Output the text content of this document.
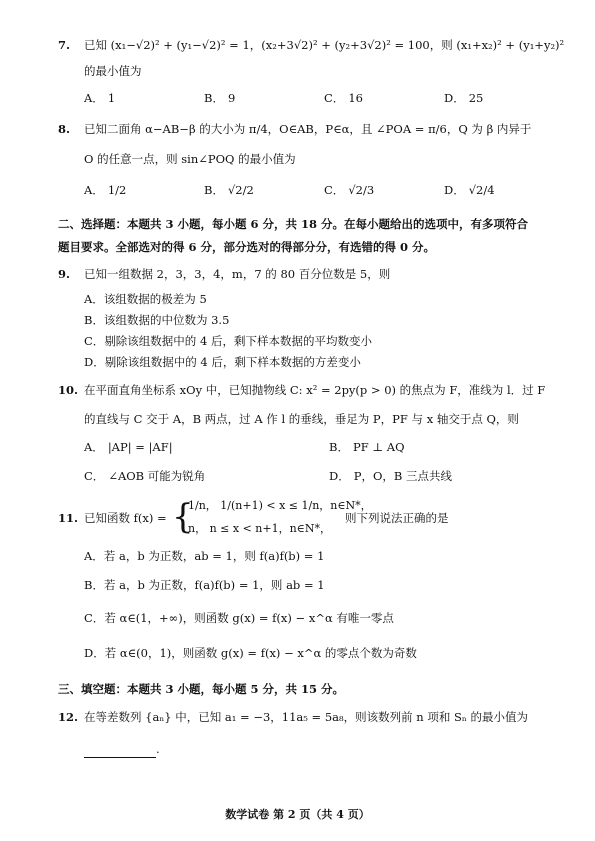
7. 已知 (x₁−√2)² + (y₁−√2)² = 1，(x₂+3√2)² + (y₂+3√2)² = 100，则 (x₁+x₂)² + (y₁+y₂)²
的最小值为
A． 1	B． 9	C． 16	D． 25
8. 已知二面角 α−AB−β 的大小为 π/4，O∈AB，P∈α，且 ∠POA = π/6，Q 为 β 内异于
O 的任意一点，则 sin∠POQ 的最小值为
A． 1/2	B． √2/2	C． √2/3	D． √2/4
二、选择题：本题共 3 小题，每小题 6 分，共 18 分。在每小题给出的选项中，有多项符合
题目要求。全部选对的得 6 分，部分选对的得部分分，有选错的得 0 分。
9. 已知一组数据 2，3，3，4，m，7 的 80 百分位数是 5，则
A．该组数据的极差为 5
B．该组数据的中位数为 3.5
C．剔除该组数据中的 4 后，剩下样本数据的平均数变小
D．剔除该组数据中的 4 后，剩下样本数据的方差变小
10. 在平面直角坐标系 xOy 中，已知抛物线 C: x² = 2py(p > 0) 的焦点为 F，准线为 l．过 F
的直线与 C 交于 A，B 两点，过 A 作 l 的垂线，垂足为 P，PF 与 x 轴交于点 Q，则
A． |AP| = |AF|	B． PF ⊥ AQ
C． ∠AOB 可能为锐角	D． P，O，B 三点共线
11. 已知函数 f(x) = {
1/n， 1/(n+1) < x ≤ 1/n，n∈N*，
n， n ≤ x < n+1，n∈N*，
则下列说法正确的是
A．若 a，b 为正数，ab = 1，则 f(a)f(b) = 1
B．若 a，b 为正数，f(a)f(b) = 1，则 ab = 1
C．若 α∈(1，+∞)，则函数 g(x) = f(x) − x^α 有唯一零点
D．若 α∈(0，1)，则函数 g(x) = f(x) − x^α 的零点个数为奇数
三、填空题：本题共 3 小题，每小题 5 分，共 15 分。
12. 在等差数列 {aₙ} 中，已知 a₁ = −3，11a₅ = 5a₈，则该数列前 n 项和 Sₙ 的最小值为
.
数学试卷 第 2 页（共 4 页）
